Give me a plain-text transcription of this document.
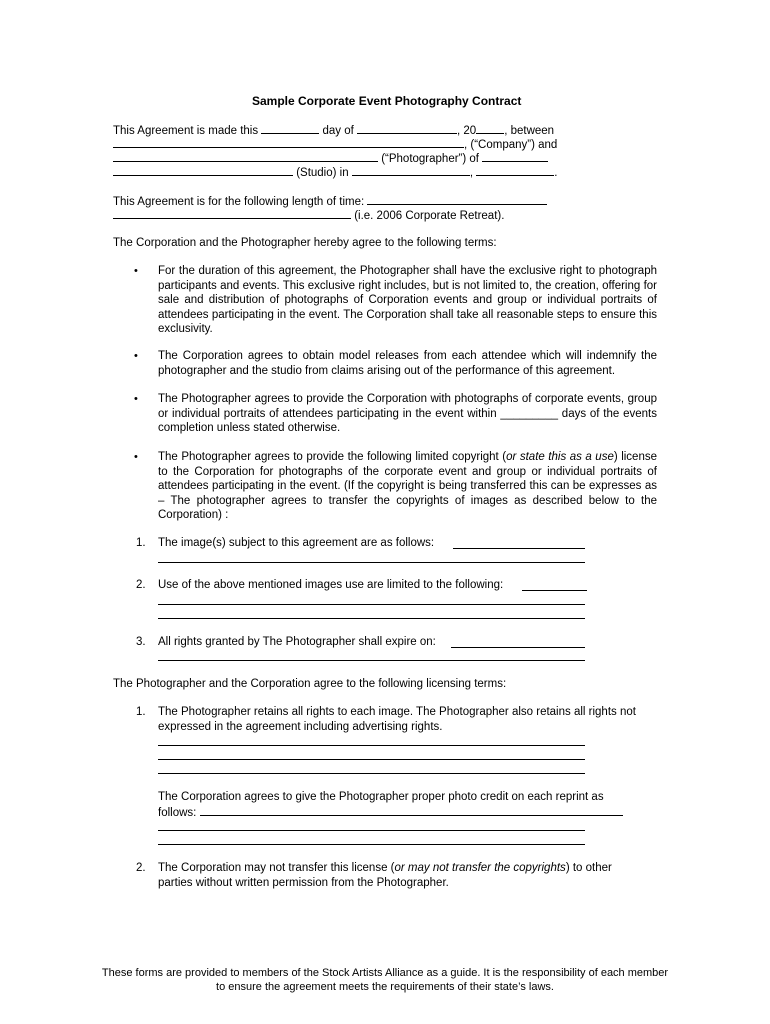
Sample Corporate Event Photography Contract
This Agreement is made this	day of	, 20 , between
, (“Company”) and
(“Photographer”) of
(Studio) in	,	.
This Agreement is for the following length of time:
(i.e. 2006 Corporate Retreat).
The Corporation and the Photographer hereby agree to the following terms:
• For the duration of this agreement, the Photographer shall have the exclusive right to photograph participants and events. This exclusive right includes, but is not limited to, the creation, offering for sale and distribution of photographs of Corporation events and group or individual portraits of attendees participating in the event. The Corporation shall take all reasonable steps to ensure this exclusivity.
• The Corporation agrees to obtain model releases from each attendee which will indemnify the photographer and the studio from claims arising out of the performance of this agreement.
• The Photographer agrees to provide the Corporation with photographs of corporate events, group or individual portraits of attendees participating in the event within _________ days of the events completion unless stated otherwise.
• The Photographer agrees to provide the following limited copyright (or state this as a use) license to the Corporation for photographs of the corporate event and group or individual portraits of attendees participating in the event. (If the copyright is being transferred this can be expresses as – The photographer agrees to transfer the copyrights of images as described below to the Corporation) :
1. The image(s) subject to this agreement are as follows:
2. Use of the above mentioned images use are limited to the following:
3. All rights granted by The Photographer shall expire on:
The Photographer and the Corporation agree to the following licensing terms:
1. The Photographer retains all rights to each image. The Photographer also retains all rights not expressed in the agreement including advertising rights.
The Corporation agrees to give the Photographer proper photo credit on each reprint as
follows:
2. The Corporation may not transfer this license (or may not transfer the copyrights) to other parties without written permission from the Photographer.
These forms are provided to members of the Stock Artists Alliance as a guide. It is the responsibility of each member to ensure the agreement meets the requirements of their state’s laws.
